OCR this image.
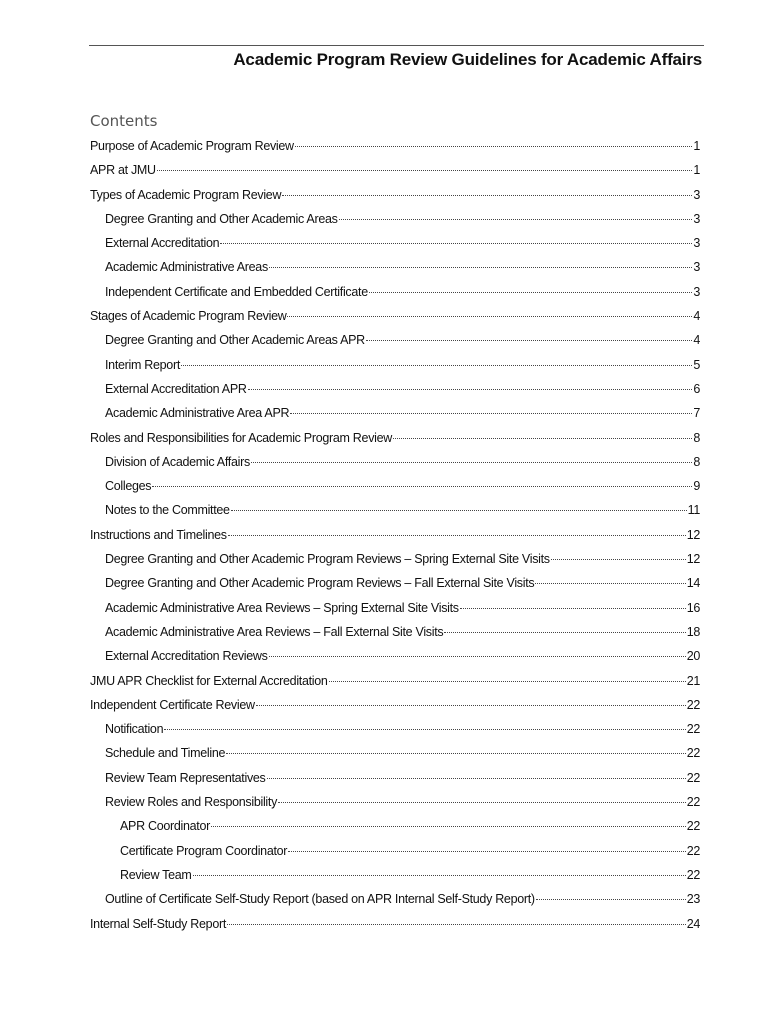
Academic Program Review Guidelines for Academic Affairs
Contents
Purpose of Academic Program Review	1
APR at JMU	1
Types of Academic Program Review	3
Degree Granting and Other Academic Areas	3
External Accreditation	3
Academic Administrative Areas	3
Independent Certificate and Embedded Certificate	3
Stages of Academic Program Review	4
Degree Granting and Other Academic Areas APR	4
Interim Report	5
External Accreditation APR	6
Academic Administrative Area APR	7
Roles and Responsibilities for Academic Program Review	8
Division of Academic Affairs	8
Colleges	9
Notes to the Committee	11
Instructions and Timelines	12
Degree Granting and Other Academic Program Reviews – Spring External Site Visits	12
Degree Granting and Other Academic Program Reviews – Fall External Site Visits	14
Academic Administrative Area Reviews – Spring External Site Visits	16
Academic Administrative Area Reviews – Fall External Site Visits	18
External Accreditation Reviews	20
JMU APR Checklist for External Accreditation	21
Independent Certificate Review	22
Notification	22
Schedule and Timeline	22
Review Team Representatives	22
Review Roles and Responsibility	22
APR Coordinator	22
Certificate Program Coordinator	22
Review Team	22
Outline of Certificate Self-Study Report (based on APR Internal Self-Study Report)	23
Internal Self-Study Report	24
